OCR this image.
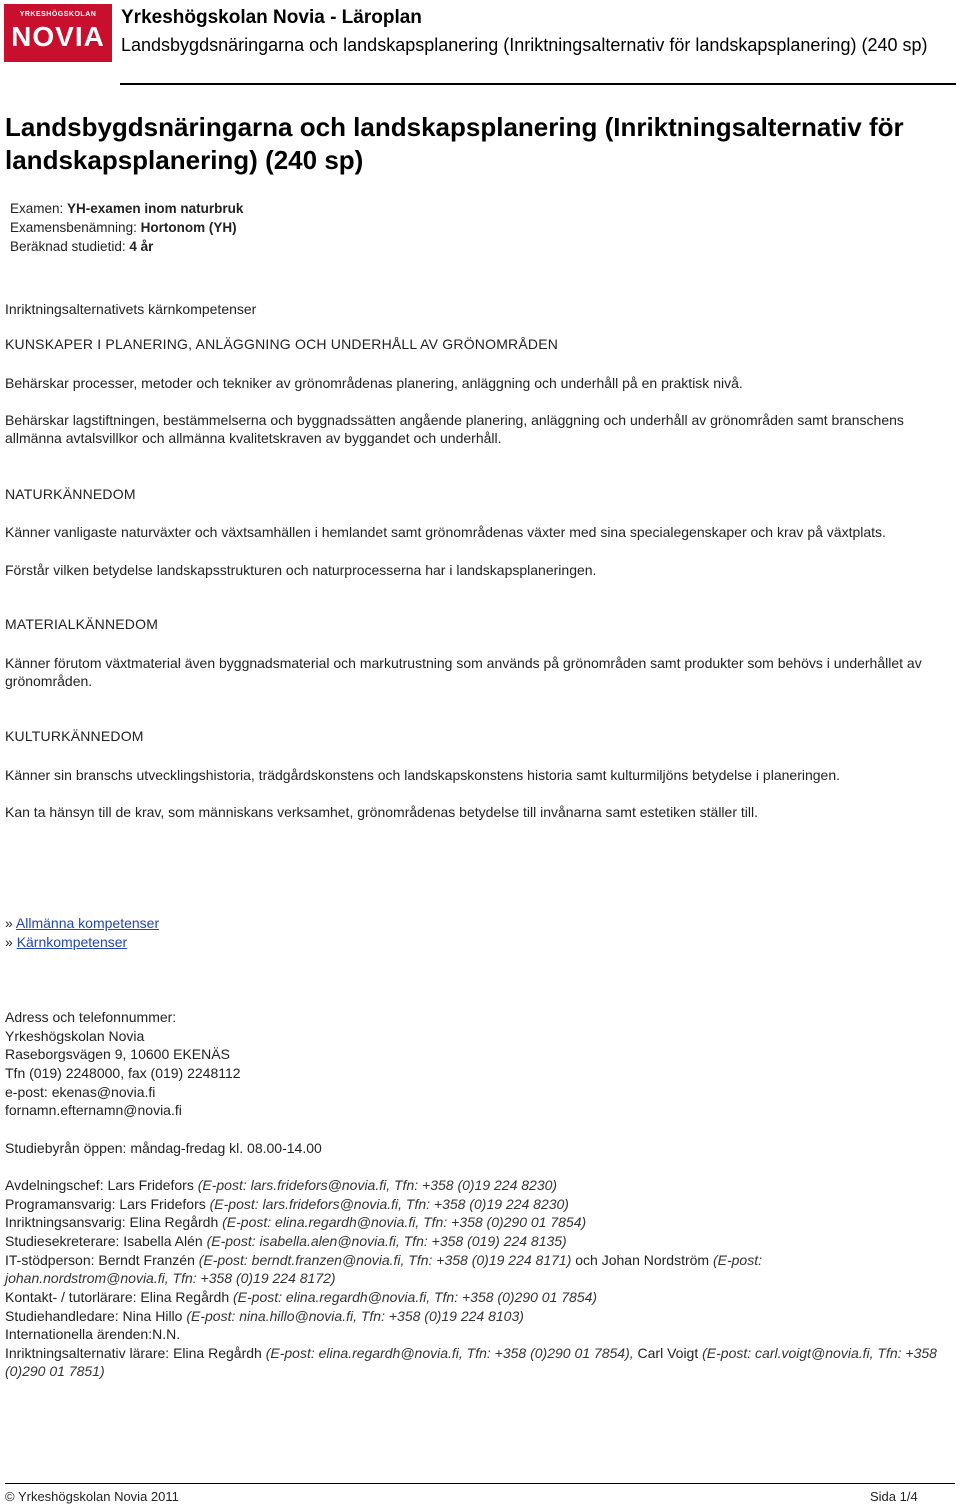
YRKESHÖGSKOLAN
NOVIA
Yrkeshögskolan Novia - Läroplan
Landsbygdsnäringarna och landskapsplanering (Inriktningsalternativ för landskapsplanering) (240 sp)
Landsbygdsnäringarna och landskapsplanering (Inriktningsalternativ för landskapsplanering) (240 sp)
Examen: YH-examen inom naturbruk
Examensbenämning: Hortonom (YH)
Beräknad studietid: 4 år
Inriktningsalternativets kärnkompetenser
KUNSKAPER I PLANERING, ANLÄGGNING OCH UNDERHÅLL AV GRÖNOMRÅDEN
Behärskar processer, metoder och tekniker av grönområdenas planering, anläggning och underhåll på en praktisk nivå.
Behärskar lagstiftningen, bestämmelserna och byggnadssätten angående planering, anläggning och underhåll av grönområden samt branschens allmänna avtalsvillkor och allmänna kvalitetskraven av byggandet och underhåll.
NATURKÄNNEDOM
Känner vanligaste naturväxter och växtsamhällen i hemlandet samt grönområdenas växter med sina specialegenskaper och krav på växtplats.
Förstår vilken betydelse landskapsstrukturen och naturprocesserna har i landskapsplaneringen.
MATERIALKÄNNEDOM
Känner förutom växtmaterial även byggnadsmaterial och markutrustning som används på grönområden samt produkter som behövs i underhållet av grönområden.
KULTURKÄNNEDOM
Känner sin branschs utvecklingshistoria, trädgårdskonstens och landskapskonstens historia samt kulturmiljöns betydelse i planeringen.
Kan ta hänsyn till de krav, som människans verksamhet, grönområdenas betydelse till invånarna samt estetiken ställer till.
» Allmänna kompetenser
» Kärnkompetenser
Adress och telefonnummer:
Yrkeshögskolan Novia
Raseborgsvägen 9, 10600 EKENÄS
Tfn (019) 2248000, fax (019) 2248112
e-post: ekenas@novia.fi
fornamn.efternamn@novia.fi
Studiebyrån öppen: måndag-fredag kl. 08.00-14.00
Avdelningschef: Lars Fridefors (E-post: lars.fridefors@novia.fi, Tfn: +358 (0)19 224 8230)
Programansvarig: Lars Fridefors (E-post: lars.fridefors@novia.fi, Tfn: +358 (0)19 224 8230)
Inriktningsansvarig: Elina Regårdh (E-post: elina.regardh@novia.fi, Tfn: +358 (0)290 01 7854)
Studiesekreterare: Isabella Alén (E-post: isabella.alen@novia.fi, Tfn: +358 (019) 224 8135)
IT-stödperson: Berndt Franzén (E-post: berndt.franzen@novia.fi, Tfn: +358 (0)19 224 8171) och Johan Nordström (E-post: johan.nordstrom@novia.fi, Tfn: +358 (0)19 224 8172)
Kontakt- / tutorlärare: Elina Regårdh (E-post: elina.regardh@novia.fi, Tfn: +358 (0)290 01 7854)
Studiehandledare: Nina Hillo (E-post: nina.hillo@novia.fi, Tfn: +358 (0)19 224 8103)
Internationella ärenden:N.N.
Inriktningsalternativ lärare: Elina Regårdh (E-post: elina.regardh@novia.fi, Tfn: +358 (0)290 01 7854), Carl Voigt (E-post: carl.voigt@novia.fi, Tfn: +358 (0)290 01 7851)
© Yrkeshögskolan Novia 2011	Sida 1/4
